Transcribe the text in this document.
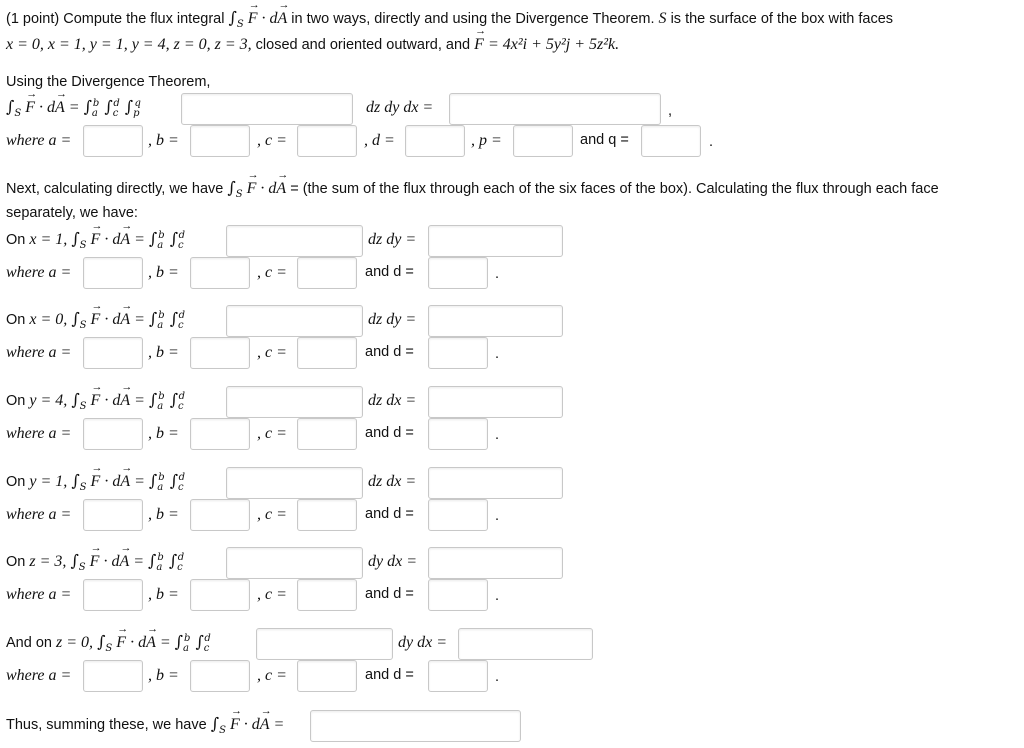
(1 point) Compute the flux integral $\int_S \to F \cdot d\to A$ in two ways, directly and using the Divergence Theorem. S is the surface of the box with faces
x = 0, x = 1, y = 1, y = 4, z = 0, z = 3, closed and oriented outward, and → F = 4x²i + 5y²j + 5z²k.
Using the Divergence Theorem,
$\int_S \to F \cdot d\to A = \int_a^b$ $\int_c^d$ $\int_p^q$	dz dy dx =	,
where a =	, b =	, c =	, d =	, p =	and q =	.
Next, calculating directly, we have $\int_S \to F \cdot d\to A = (the$ sum of the flux through each of the six faces of the box). Calculating the flux through each face
separately, we have:
On x = 1, $\int_S \to F \cdot d\to A = \int_a^b$ $\int_c^d$	dz dy =
where a =	, b =	, c =	and d =	.
On x = 0, $\int_S \to F \cdot d\to A = \int_a^b$ $\int_c^d$	dz dy =
where a =	, b =	, c =	and d =	.
On y = 4, $\int_S \to F \cdot d\to A = \int_a^b$ $\int_c^d$	dz dx =
where a =	, b =	, c =	and d =	.
On y = 1, $\int_S \to F \cdot d\to A = \int_a^b$ $\int_c^d$	dz dx =
where a =	, b =	, c =	and d =	.
On z = 3, $\int_S \to F \cdot d\to A = \int_a^b$ $\int_c^d$	dy dx =
where a =	, b =	, c =	and d =	.
And on z = 0, $\int_S \to F \cdot d\to A = \int_a^b$ $\int_c^d$	dy dx =
where a =	, b =	, c =	and d =	.
Thus, summing these, we have $\int_S \to F \cdot d\to A$ =
